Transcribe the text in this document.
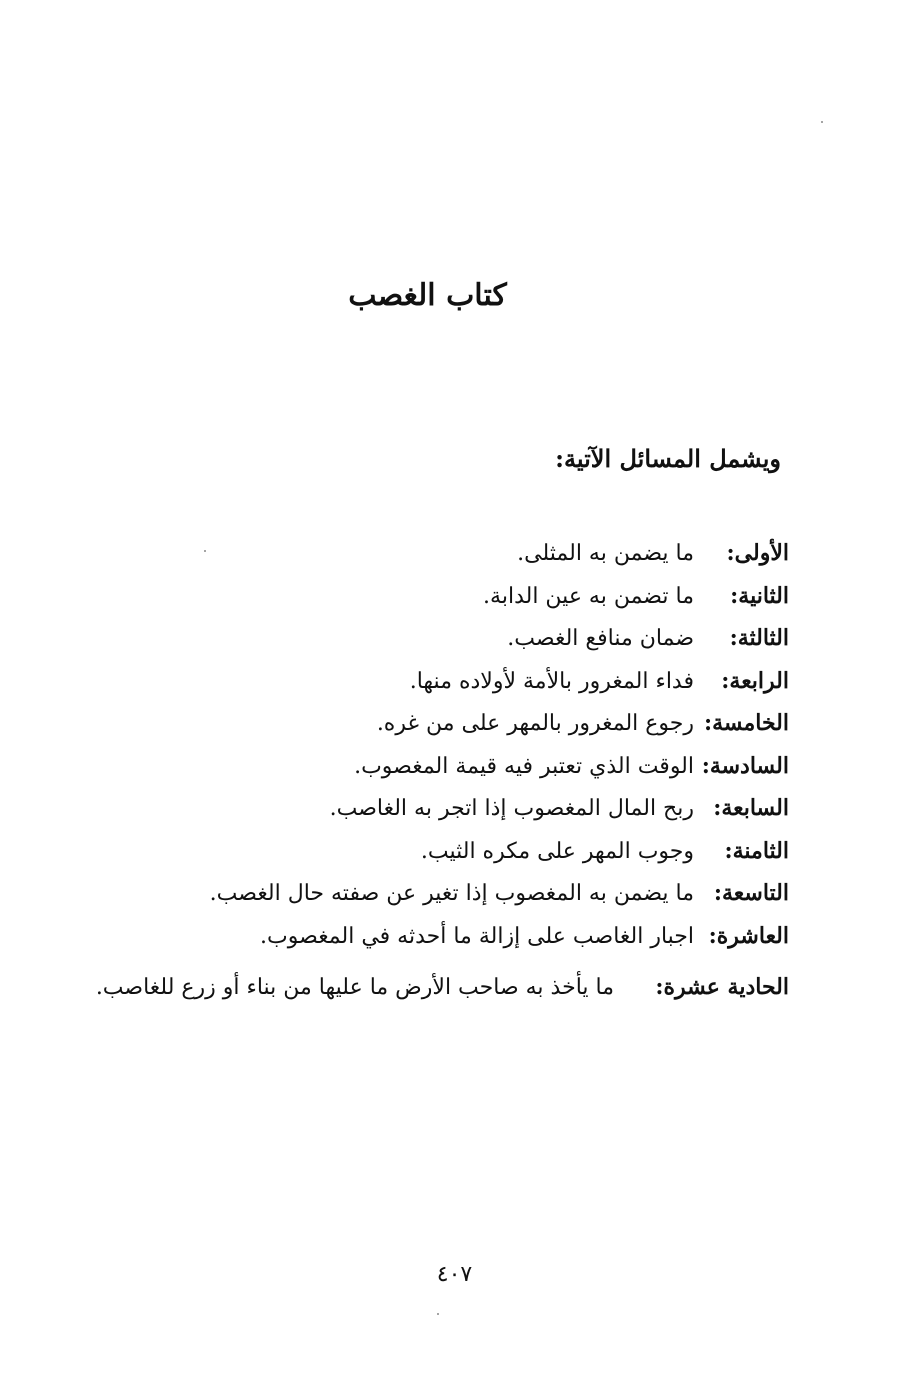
كتاب الغصب

ويشمل المسائل الآتية:

الأولى:
ما يضمن به المثلى.
الثانية:
ما تضمن به عين الدابة.
الثالثة:
ضمان منافع الغصب.
الرابعة:
فداء المغرور بالأمة لأولاده منها.
الخامسة:
رجوع المغرور بالمهر على من غره.
السادسة:
الوقت الذي تعتبر فيه قيمة المغصوب.
السابعة:
ربح المال المغصوب إذا اتجر به الغاصب.
الثامنة:
وجوب المهر على مكره الثيب.
التاسعة:
ما يضمن به المغصوب إذا تغير عن صفته حال الغصب.
العاشرة:
اجبار الغاصب على إزالة ما أحدثه في المغصوب.
الحادية عشرة:
ما يأخذ به صاحب الأرض ما عليها من بناء أو زرع للغاصب.

٤٠٧
